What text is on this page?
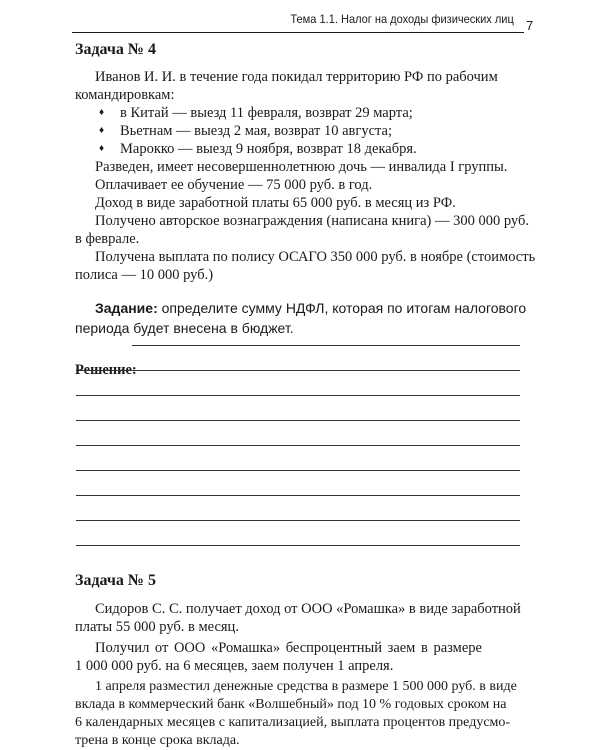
Тема 1.1. Налог на доходы физических лиц 7
Задача № 4

Иванов И. И. в течение года покидал территорию РФ по рабочим

командировкам:

♦ в Китай — выезд 11 февраля, возврат 29 марта;
♦ Вьетнам — выезд 2 мая, возврат 10 августа;
♦ Марокко — выезд 9 ноября, возврат 18 декабря.

Разведен, имеет несовершеннолетнюю дочь — инвалида I группы.

Оплачивает ее обучение — 75 000 руб. в год.

Доход в виде заработной платы 65 000 руб. в месяц из РФ.

Получено авторское вознаграждения (написана книга) — 300 000 руб.

в феврале.

Получена выплата по полису ОСАГО 350 000 руб. в ноябре (стоимость

полиса — 10 000 руб.)

Задание: определите сумму НДФЛ, которая по итогам налогового
периода будет внесена в бюджет.
Решение:
Задача № 5

Сидоров С. С. получает доход от ООО «Ромашка» в виде заработной

платы 55 000 руб. в месяц.

Получил от ООО «Ромашка» беспроцентный заем в размере

1 000 000 руб. на 6 месяцев, заем получен 1 апреля.

1 апреля разместил денежные средства в размере 1 500 000 руб. в виде

вклада в коммерческий банк «Волшебный» под 10 % годовых сроком на

6 календарных месяцев с капитализацией, выплата процентов предусмо-

трена в конце срока вклада.
